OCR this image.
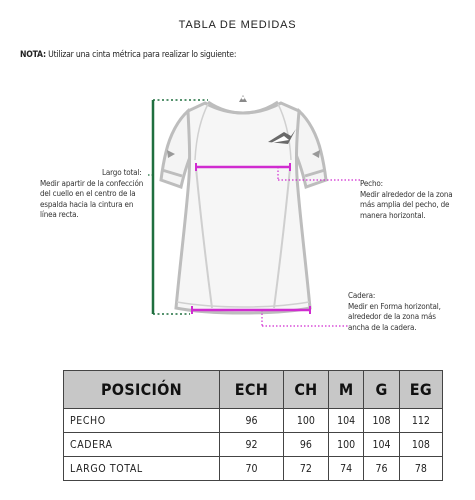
TABLA DE MEDIDAS
NOTA: Utilizar una cinta métrica para realizar lo siguiente:
Largo total:
Medir apartir de la confección del cuello en el centro de la espalda hacia la cintura en línea recta.
Pecho:
Medir alrededor de la zona más amplia del pecho, de manera horizontal.
Cadera:
Medir en Forma horizontal, alrededor de la zona más ancha de la cadera.
POSICIÓN	ECH	CH	M	G	EG
PECHO	96	100	104	108	112
CADERA	92	96	100	104	108
LARGO TOTAL	70	72	74	76	78
